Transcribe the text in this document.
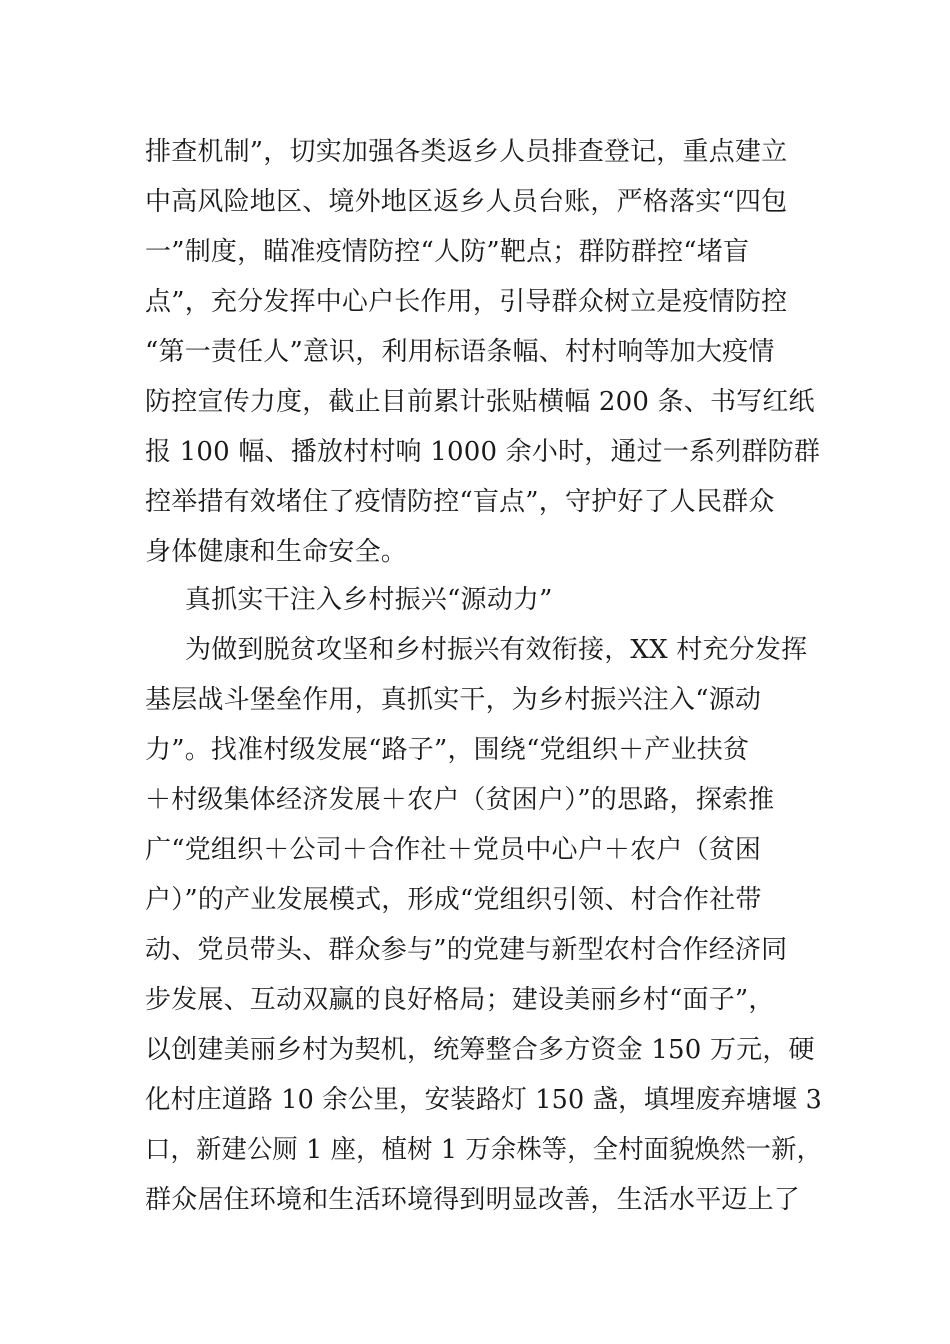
排查机制”，切实加强各类返乡人员排查登记，重点建立
中高风险地区、境外地区返乡人员台账，严格落实“四包
一”制度，瞄准疫情防控“人防”靶点；群防群控“堵盲
点”，充分发挥中心户长作用，引导群众树立是疫情防控
“第一责任人”意识，利用标语条幅、村村响等加大疫情
防控宣传力度，截止目前累计张贴横幅 200 条、书写红纸
报 100 幅、播放村村响 1000 余小时，通过一系列群防群
控举措有效堵住了疫情防控“盲点”，守护好了人民群众
身体健康和生命安全。
真抓实干注入乡村振兴“源动力”
为做到脱贫攻坚和乡村振兴有效衔接，XX 村充分发挥
基层战斗堡垒作用，真抓实干，为乡村振兴注入“源动
力”。找准村级发展“路子”，围绕“党组织＋产业扶贫
＋村级集体经济发展＋农户（贫困户）”的思路，探索推
广“党组织＋公司＋合作社＋党员中心户＋农户（贫困
户）”的产业发展模式，形成“党组织引领、村合作社带
动、党员带头、群众参与”的党建与新型农村合作经济同
步发展、互动双赢的良好格局；建设美丽乡村“面子”，
以创建美丽乡村为契机，统筹整合多方资金 150 万元，硬
化村庄道路 10 余公里，安装路灯 150 盏，填埋废弃塘堰 3
口，新建公厕 1 座，植树 1 万余株等，全村面貌焕然一新，
群众居住环境和生活环境得到明显改善，生活水平迈上了
